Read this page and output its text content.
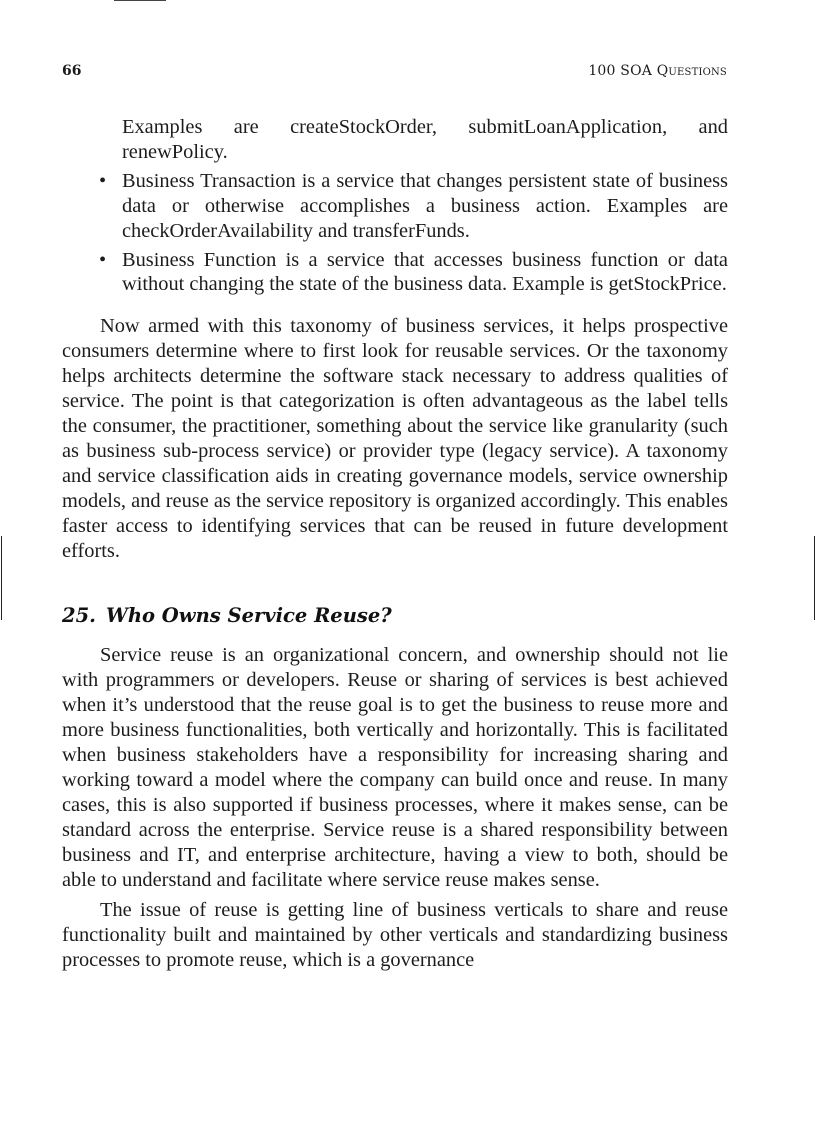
66	100 SOA Questions

Examples are createStockOrder, submitLoanApplication, and renewPolicy.

• Business Transaction is a service that changes persistent state of business data or otherwise accomplishes a business action. Examples are checkOrderAvailability and transferFunds.
• Business Function is a service that accesses business function or data without changing the state of the business data. Example is getStockPrice.

Now armed with this taxonomy of business services, it helps prospective consumers determine where to first look for reusable services. Or the taxonomy helps architects determine the software stack necessary to address qualities of service. The point is that categorization is often advantageous as the label tells the consumer, the practitioner, something about the service like granularity (such as business sub-process service) or provider type (legacy service). A taxonomy and service classification aids in creating governance models, service ownership models, and reuse as the service repository is organized accordingly. This enables faster access to identifying services that can be reused in future development efforts.

25. Who Owns Service Reuse?

Service reuse is an organizational concern, and ownership should not lie with programmers or developers. Reuse or sharing of services is best achieved when it’s understood that the reuse goal is to get the business to reuse more and more business functionalities, both vertically and horizontally. This is facilitated when business stakeholders have a responsibility for increasing sharing and working toward a model where the company can build once and reuse. In many cases, this is also supported if business processes, where it makes sense, can be standard across the enterprise. Service reuse is a shared responsibility between business and IT, and enterprise architecture, having a view to both, should be able to understand and facilitate where service reuse makes sense.

The issue of reuse is getting line of business verticals to share and reuse functionality built and maintained by other verticals and standardizing business processes to promote reuse, which is a governance
